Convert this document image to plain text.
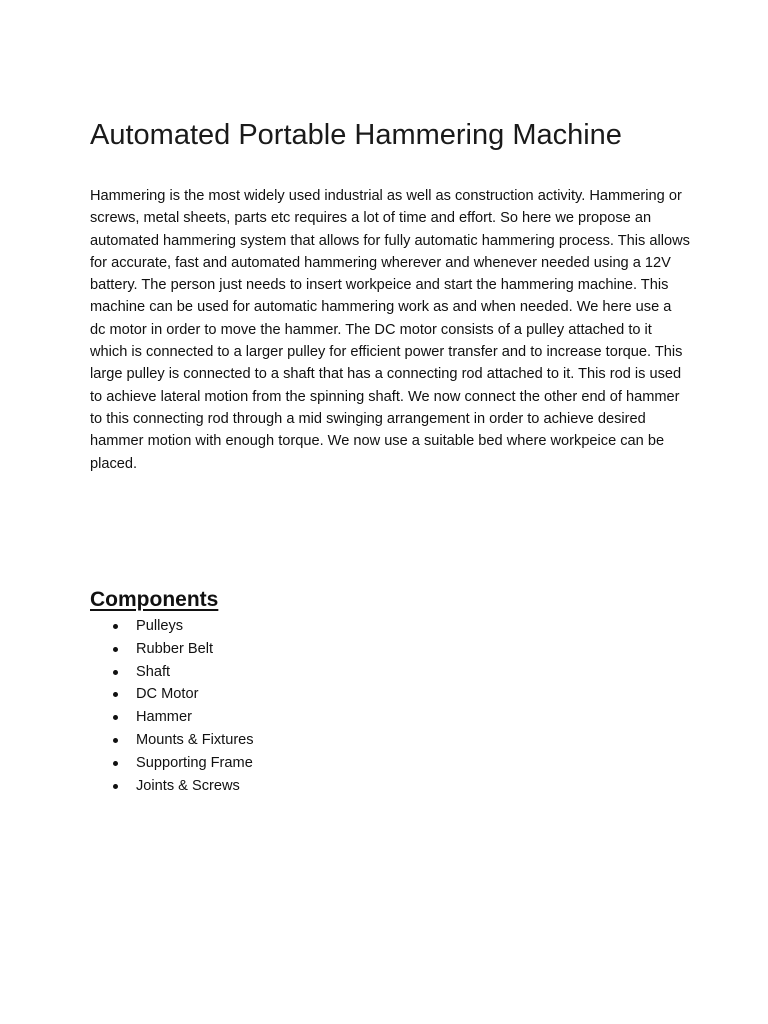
Automated Portable Hammering Machine

Hammering is the most widely used industrial as well as construction activity. Hammering or screws, metal sheets, parts etc requires a lot of time and effort. So here we propose an automated hammering system that allows for fully automatic hammering process. This allows for accurate, fast and automated hammering wherever and whenever needed using a 12V battery. The person just needs to insert workpeice and start the hammering machine. This machine can be used for automatic hammering work as and when needed. We here use a dc motor in order to move the hammer. The DC motor consists of a pulley attached to it which is connected to a larger pulley for efficient power transfer and to increase torque. This large pulley is connected to a shaft that has a connecting rod attached to it. This rod is used to achieve lateral motion from the spinning shaft. We now connect the other end of hammer to this connecting rod through a mid swinging arrangement in order to achieve desired hammer motion with enough torque. We now use a suitable bed where workpeice can be placed.

Components
Pulleys
Rubber Belt
Shaft
DC Motor
Hammer
Mounts & Fixtures
Supporting Frame
Joints & Screws
